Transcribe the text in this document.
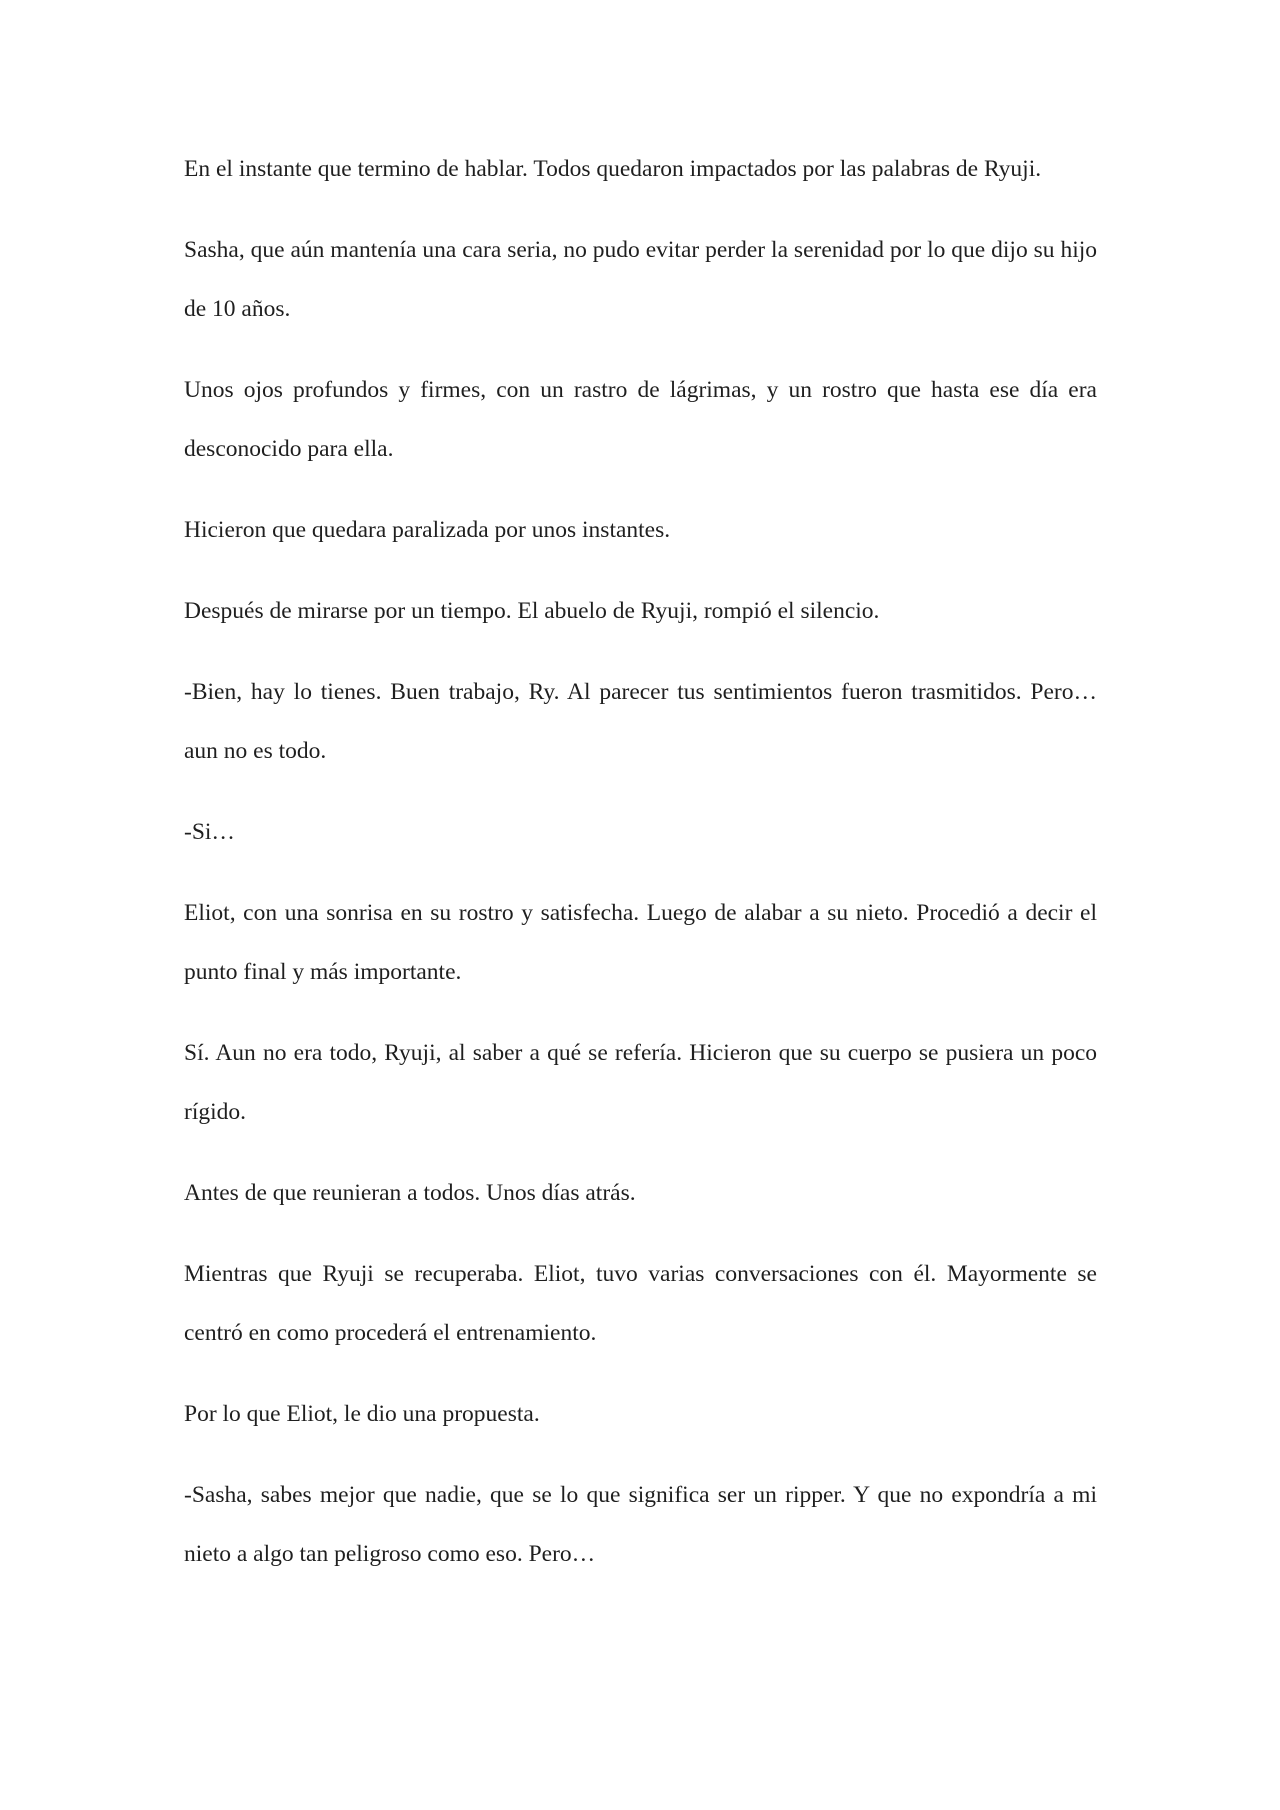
En el instante que termino de hablar. Todos quedaron impactados por las palabras de Ryuji.

Sasha, que aún mantenía una cara seria, no pudo evitar perder la serenidad por lo que dijo su hijo de 10 años.

Unos ojos profundos y firmes, con un rastro de lágrimas, y un rostro que hasta ese día era desconocido para ella.

Hicieron que quedara paralizada por unos instantes.

Después de mirarse por un tiempo. El abuelo de Ryuji, rompió el silencio.

-Bien, hay lo tienes. Buen trabajo, Ry. Al parecer tus sentimientos fueron trasmitidos. Pero… aun no es todo.

-Si…

Eliot, con una sonrisa en su rostro y satisfecha. Luego de alabar a su nieto. Procedió a decir el punto final y más importante.

Sí. Aun no era todo, Ryuji, al saber a qué se refería. Hicieron que su cuerpo se pusiera un poco rígido.

Antes de que reunieran a todos. Unos días atrás.

Mientras que Ryuji se recuperaba. Eliot, tuvo varias conversaciones con él. Mayormente se centró en como procederá el entrenamiento.

Por lo que Eliot, le dio una propuesta.

-Sasha, sabes mejor que nadie, que se lo que significa ser un ripper. Y que no expondría a mi nieto a algo tan peligroso como eso. Pero…
